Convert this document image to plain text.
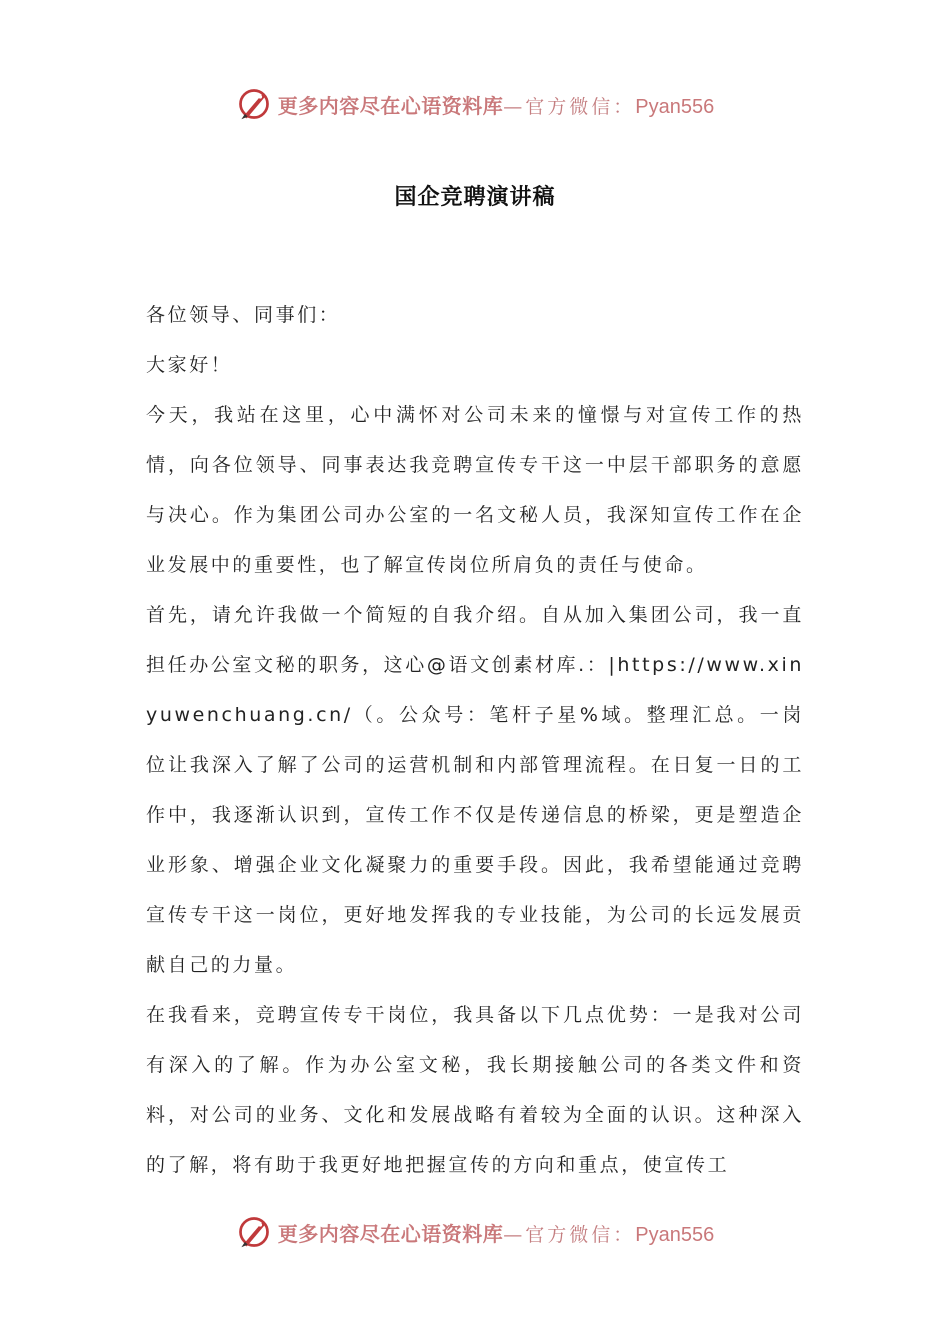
更多内容尽在心语资料库 — 官方微信： Pyan556
国企竞聘演讲稿

各位领导、同事们：

大家好！

今天，我站在这里，心中满怀对公司未来的憧憬与对宣传工作的热情，向各位领导、同事表达我竞聘宣传专干这一中层干部职务的意愿与决心。作为集团公司办公室的一名文秘人员，我深知宣传工作在企业发展中的重要性，也了解宣传岗位所肩负的责任与使命。

首先，请允许我做一个简短的自我介绍。自从加入集团公司，我一直担任办公室文秘的职务，这心@语文创素材库.：|https://www.xinyuwenchuang.cn/（。公众号：笔杆子星%域。整理汇总。一岗位让我深入了解了公司的运营机制和内部管理流程。在日复一日的工作中，我逐渐认识到，宣传工作不仅是传递信息的桥梁，更是塑造企业形象、增强企业文化凝聚力的重要手段。因此，我希望能通过竞聘宣传专干这一岗位，更好地发挥我的专业技能，为公司的长远发展贡献自己的力量。

在我看来，竞聘宣传专干岗位，我具备以下几点优势：一是我对公司有深入的了解。作为办公室文秘，我长期接触公司的各类文件和资料，对公司的业务、文化和发展战略有着较为全面的认识。这种深入的了解，将有助于我更好地把握宣传的方向和重点，使宣传工

更多内容尽在心语资料库 — 官方微信： Pyan556
